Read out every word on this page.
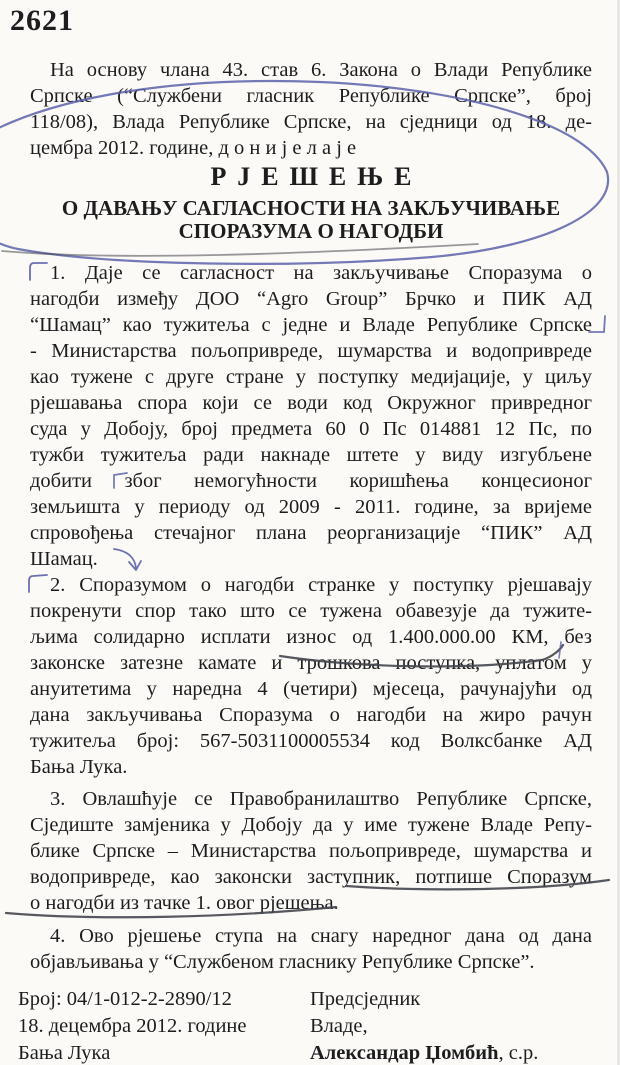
2621
На основу члана 43. став 6. Закона о Влади Републике
Српске (“Службени гласник Републике Српске”, број
118/08), Влада Републике Српске, на сједници од 18. де-
цембра 2012. године, д о н и ј е л а ј е
РЈЕШЕЊЕ
О ДАВАЊУ САГЛАСНОСТИ НА ЗАКЉУЧИВАЊЕ
СПОРАЗУМА О НАГОДБИ
1. Даје се сагласност на закључивање Споразума о
нагодби између ДОО “Agro Group” Брчко и ПИК АД
“Шамац” као тужитеља с једне и Владе Републике Српске
- Министарства пољопривреде, шумарства и водопривреде
као тужене с друге стране у поступку медијације, у циљу
рјешавања спора који се води код Окружног привредног
суда у Добоју, број предмета 60 0 Пс 014881 12 Пс, по
тужби тужитеља ради накнаде штете у виду изгубљене
добити због немогућности коришћења концесионог
земљишта у периоду од 2009 - 2011. године, за вријеме
спровођења стечајног плана реорганизације “ПИК” АД
Шамац.
2. Споразумом о нагодби странке у поступку рјешавају
покренути спор тако што се тужена обавезује да тужите-
љима солидарно исплати износ од 1.400.000.00 КМ, без
законске затезне камате и трошкова поступка, уплатом у
ануитетима у наредна 4 (четири) мјесеца, рачунајући од
дана закључивања Споразума о нагодби на жиро рачун
тужитеља број: 567-5031100005534 код Волксбанке АД
Бања Лука.
3. Овлашћује се Правобранилаштво Републике Српске,
Сједиште замјеника у Добоју да у име тужене Владе Репу-
блике Српске – Министарства пољопривреде, шумарства и
водопривреде, као законски заступник, потпише Споразум
о нагодби из тачке 1. овог рјешења.
4. Ово рјешење ступа на снагу наредног дана од дана
објављивања у “Службеном гласнику Републике Српске”.
Број: 04/1-012-2-2890/12
18. децембра 2012. године
Бања Лука
Предсједник
Владе,
Александар Џомбић, с.р.
